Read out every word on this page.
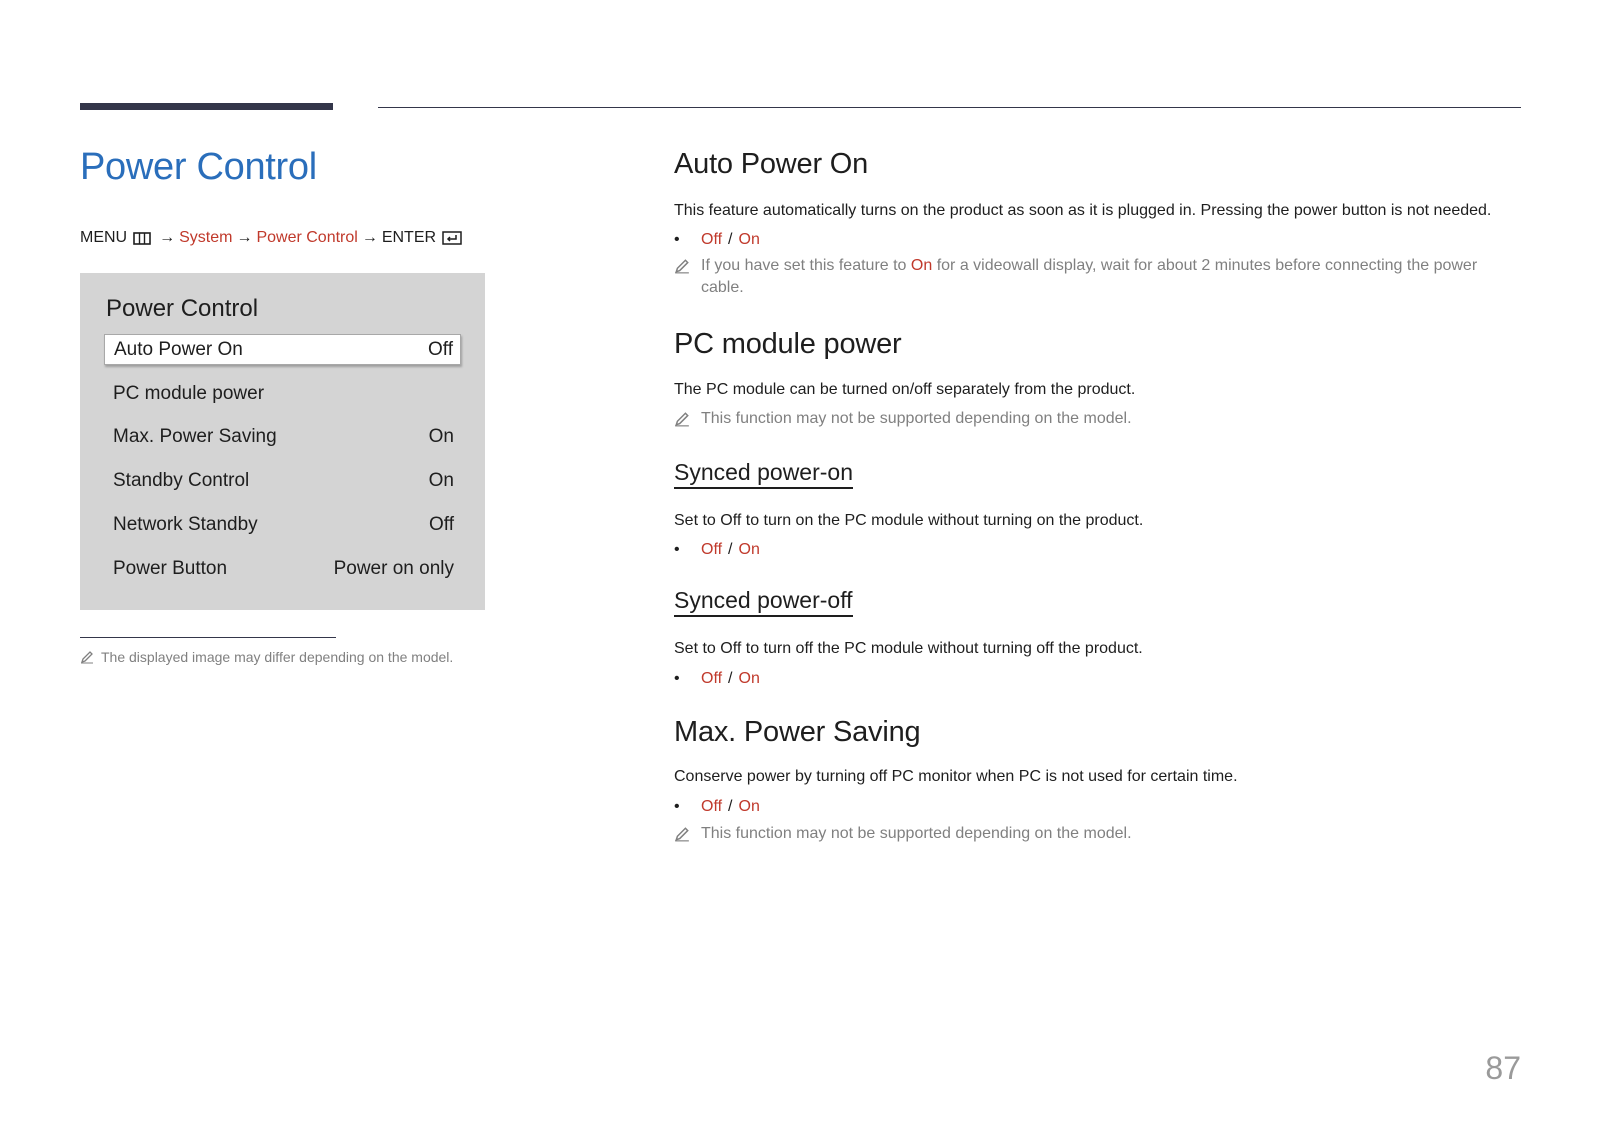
Power Control
MENU → System → Power Control → ENTER
Power Control
Auto Power On	Off
PC module power
Max. Power Saving	On
Standby Control	On
Network Standby	Off
Power Button	Power on only
The displayed image may differ depending on the model.
Auto Power On
This feature automatically turns on the product as soon as it is plugged in. Pressing the power button is not needed.
•	Off / On
If you have set this feature to On for a videowall display, wait for about 2 minutes before connecting the power cable.
PC module power
The PC module can be turned on/off separately from the product.
This function may not be supported depending on the model.
Synced power-on
Set to Off to turn on the PC module without turning on the product.
•	Off / On
Synced power-off
Set to Off to turn off the PC module without turning off the product.
•	Off / On
Max. Power Saving
Conserve power by turning off PC monitor when PC is not used for certain time.
•	Off / On
This function may not be supported depending on the model.
87
